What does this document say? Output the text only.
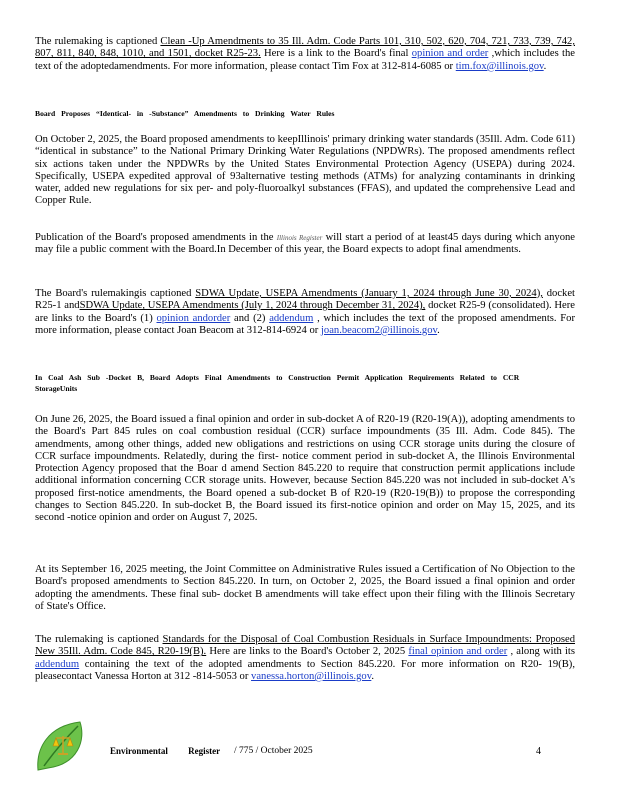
The rulemaking is captioned Clean -Up Amendments to 35 Ill. Adm. Code Parts 101, 310, 502, 620, 704, 721, 733, 739, 742, 807, 811, 840, 848, 1010, and 1501, docket R25-23. Here is a link to the Board's final opinion and order ,which includes the text of the adoptedamendments. For more information, please contact Tim Fox at 312-814-6085 or tim.fox@illinois.gov.

Board Proposes “Identical- in -Substance” Amendments to Drinking Water Rules

On October 2, 2025, the Board proposed amendments to keepIllinois' primary drinking water standards (35Ill. Adm. Code 611) “identical in substance” to the National Primary Drinking Water Regulations (NPDWRs). The proposed amendments reflect six actions taken under the NPDWRs by the United States Environmental Protection Agency (USEPA) during 2024. Specifically, USEPA expedited approval of 93alternative testing methods (ATMs) for analyzing contaminants in drinking water, added new regulations for six per- and poly-fluoroalkyl substances (FFAS), and updated the comprehensive Lead and Copper Rule.

Publication of the Board's proposed amendments in the Illinois Register will start a period of at least45 days during which anyone may file a public comment with the Board.In December of this year, the Board expects to adopt final amendments.

The Board's rulemakingis captioned SDWA Update, USEPA Amendments (January 1, 2024 through June 30, 2024), docket R25-1 andSDWA Update, USEPA Amendments (July 1, 2024 through December 31, 2024), docket R25-9 (consolidated). Here are links to the Board's (1) opinion andorder and (2) addendum , which includes the text of the proposed amendments. For more information, please contact Joan Beacom at 312-814-6924 or joan.beacom2@illinois.gov.

In Coal Ash Sub -Docket B, Board Adopts Final Amendments to Construction Permit Application Requirements Related to CCR StorageUnits

On June 26, 2025, the Board issued a final opinion and order in sub-docket A of R20-19 (R20-19(A)), adopting amendments to the Board's Part 845 rules on coal combustion residual (CCR) surface impoundments (35 Ill. Adm. Code 845). The amendments, among other things, added new obligations and restrictions on using CCR storage units during the closure of CCR surface impoundments. Relatedly, during the first- notice comment period in sub-docket A, the Illinois Environmental Protection Agency proposed that the Boar d amend Section 845.220 to require that construction permit applications include additional information concerning CCR storage units. However, because Section 845.220 was not included in sub-docket A's proposed first-notice amendments, the Board opened a sub-docket B of R20-19 (R20-19(B)) to propose the corresponding changes to Section 845.220. In sub-docket B, the Board issued its first-notice opinion and order on May 15, 2025, and its second -notice opinion and order on August 7, 2025.

At its September 16, 2025 meeting, the Joint Committee on Administrative Rules issued a Certification of No Objection to the Board's proposed amendments to Section 845.220. In turn, on October 2, 2025, the Board issued a final opinion and order adopting the amendments. These final sub- docket B amendments will take effect upon their filing with the Illinois Secretary of State's Office.

The rulemaking is captioned Standards for the Disposal of Coal Combustion Residuals in Surface Impoundments: Proposed New 35Ill. Adm. Code 845, R20-19(B). Here are links to the Board's October 2, 2025 final opinion and order , along with its addendum containing the text of the adopted amendments to Section 845.220. For more information on R20- 19(B), pleasecontact Vanessa Horton at 312 -814-5053 or vanessa.horton@illinois.gov.

Environmental Register / 775 / October 2025	4
